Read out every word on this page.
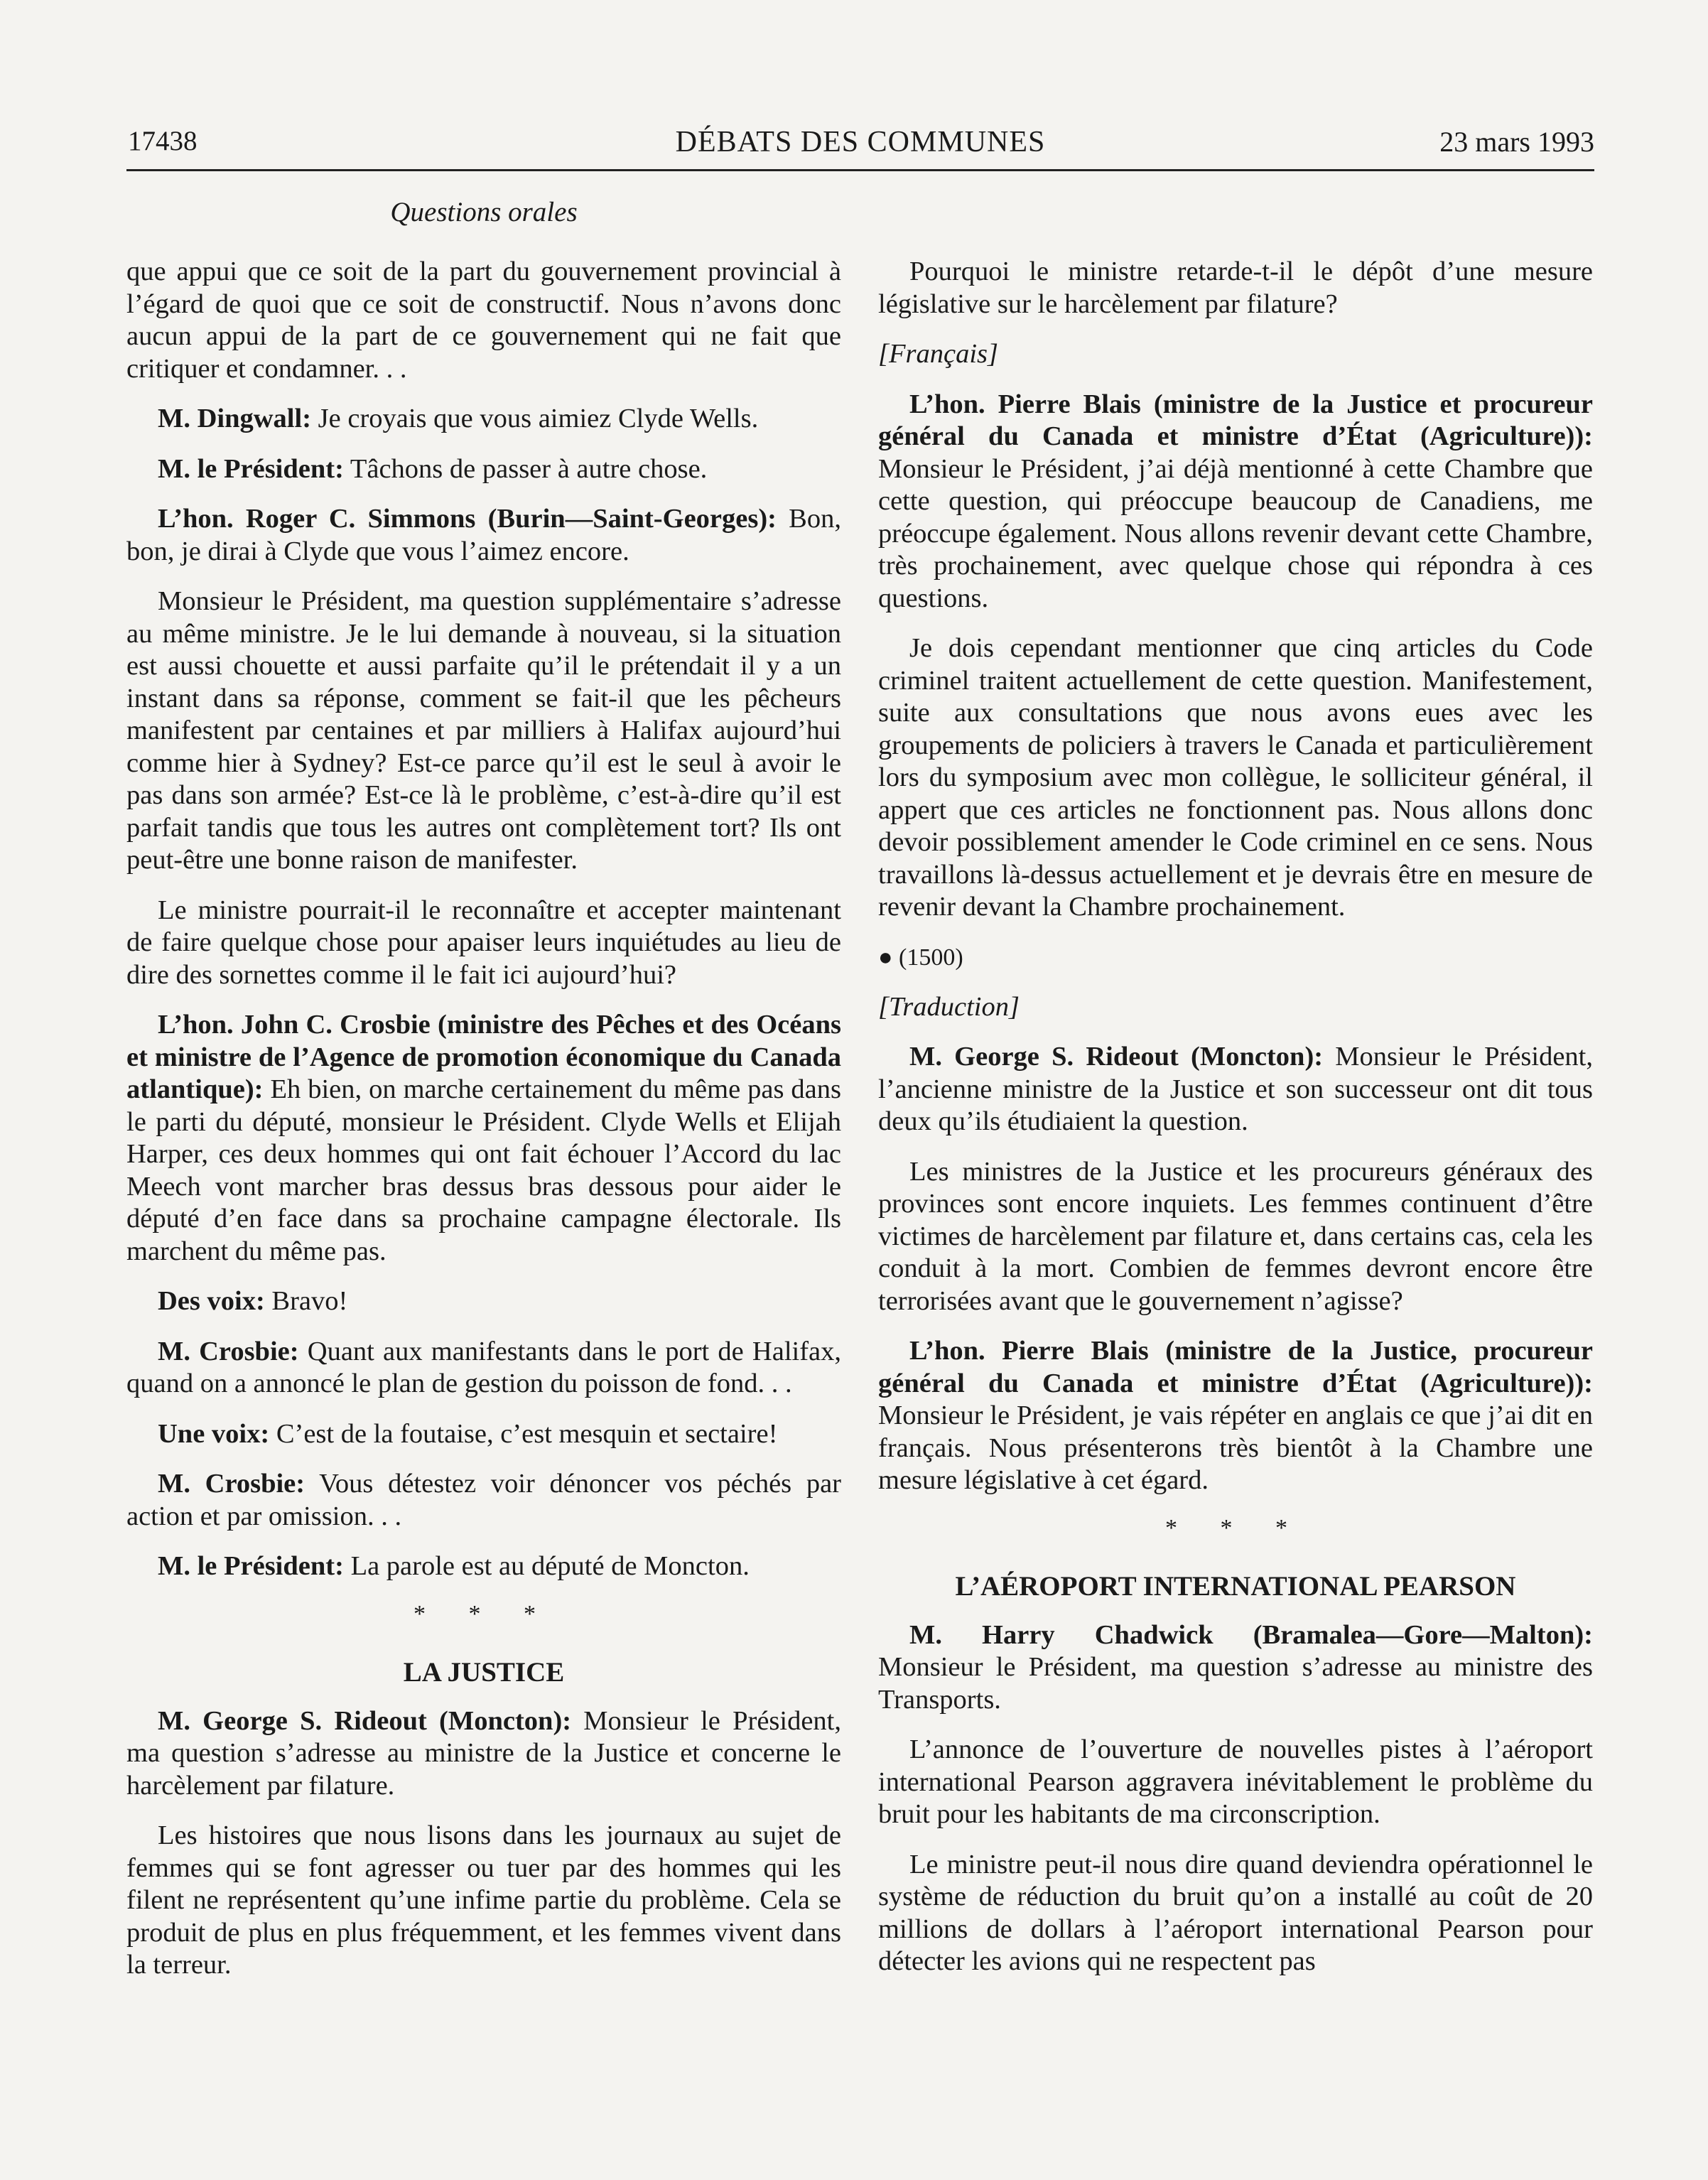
17438	DÉBATS DES COMMUNES	23 mars 1993
Questions orales

que appui que ce soit de la part du gouvernement provincial à l’égard de quoi que ce soit de constructif. Nous n’avons donc aucun appui de la part de ce gouvernement qui ne fait que critiquer et condamner. . .

M. Dingwall: Je croyais que vous aimiez Clyde Wells.

M. le Président: Tâchons de passer à autre chose.

L’hon. Roger C. Simmons (Burin—Saint-Georges): Bon, bon, je dirai à Clyde que vous l’aimez encore.

Monsieur le Président, ma question supplémentaire s’adresse au même ministre. Je le lui demande à nouveau, si la situation est aussi chouette et aussi parfaite qu’il le prétendait il y a un instant dans sa réponse, comment se fait-il que les pêcheurs manifestent par centaines et par milliers à Halifax aujourd’hui comme hier à Sydney? Est-ce parce qu’il est le seul à avoir le pas dans son armée? Est-ce là le problème, c’est-à-dire qu’il est parfait tandis que tous les autres ont complètement tort? Ils ont peut-être une bonne raison de manifester.

Le ministre pourrait-il le reconnaître et accepter maintenant de faire quelque chose pour apaiser leurs inquiétudes au lieu de dire des sornettes comme il le fait ici aujourd’hui?

L’hon. John C. Crosbie (ministre des Pêches et des Océans et ministre de l’Agence de promotion économique du Canada atlantique): Eh bien, on marche certainement du même pas dans le parti du député, monsieur le Président. Clyde Wells et Elijah Harper, ces deux hommes qui ont fait échouer l’Accord du lac Meech vont marcher bras dessus bras dessous pour aider le député d’en face dans sa prochaine campagne électorale. Ils marchent du même pas.

Des voix: Bravo!

M. Crosbie: Quant aux manifestants dans le port de Halifax, quand on a annoncé le plan de gestion du poisson de fond. . .

Une voix: C’est de la foutaise, c’est mesquin et sectaire!

M. Crosbie: Vous détestez voir dénoncer vos péchés par action et par omission. . .

M. le Président: La parole est au député de Moncton.

* * *
LA JUSTICE

M. George S. Rideout (Moncton): Monsieur le Président, ma question s’adresse au ministre de la Justice et concerne le harcèlement par filature.

Les histoires que nous lisons dans les journaux au sujet de femmes qui se font agresser ou tuer par des hommes qui les filent ne représentent qu’une infime partie du problème. Cela se produit de plus en plus fréquemment, et les femmes vivent dans la terreur.

Pourquoi le ministre retarde-t-il le dépôt d’une mesure législative sur le harcèlement par filature?

[Français]

L’hon. Pierre Blais (ministre de la Justice et procureur général du Canada et ministre d’État (Agriculture)): Monsieur le Président, j’ai déjà mentionné à cette Chambre que cette question, qui préoccupe beaucoup de Canadiens, me préoccupe également. Nous allons revenir devant cette Chambre, très prochainement, avec quelque chose qui répondra à ces questions.

Je dois cependant mentionner que cinq articles du Code criminel traitent actuellement de cette question. Manifestement, suite aux consultations que nous avons eues avec les groupements de policiers à travers le Canada et particulièrement lors du symposium avec mon collègue, le solliciteur général, il appert que ces articles ne fonctionnent pas. Nous allons donc devoir possiblement amender le Code criminel en ce sens. Nous travaillons là-dessus actuellement et je devrais être en mesure de revenir devant la Chambre prochainement.

● (1500)
[Traduction]

M. George S. Rideout (Moncton): Monsieur le Président, l’ancienne ministre de la Justice et son successeur ont dit tous deux qu’ils étudiaient la question.

Les ministres de la Justice et les procureurs généraux des provinces sont encore inquiets. Les femmes continuent d’être victimes de harcèlement par filature et, dans certains cas, cela les conduit à la mort. Combien de femmes devront encore être terrorisées avant que le gouvernement n’agisse?

L’hon. Pierre Blais (ministre de la Justice, procureur général du Canada et ministre d’État (Agriculture)): Monsieur le Président, je vais répéter en anglais ce que j’ai dit en français. Nous présenterons très bientôt à la Chambre une mesure législative à cet égard.

* * *
L’AÉROPORT INTERNATIONAL PEARSON

M. Harry Chadwick (Bramalea—Gore—Malton): Monsieur le Président, ma question s’adresse au ministre des Transports.

L’annonce de l’ouverture de nouvelles pistes à l’aéroport international Pearson aggravera inévitablement le problème du bruit pour les habitants de ma circonscription.

Le ministre peut-il nous dire quand deviendra opérationnel le système de réduction du bruit qu’on a installé au coût de 20 millions de dollars à l’aéroport international Pearson pour détecter les avions qui ne respectent pas
